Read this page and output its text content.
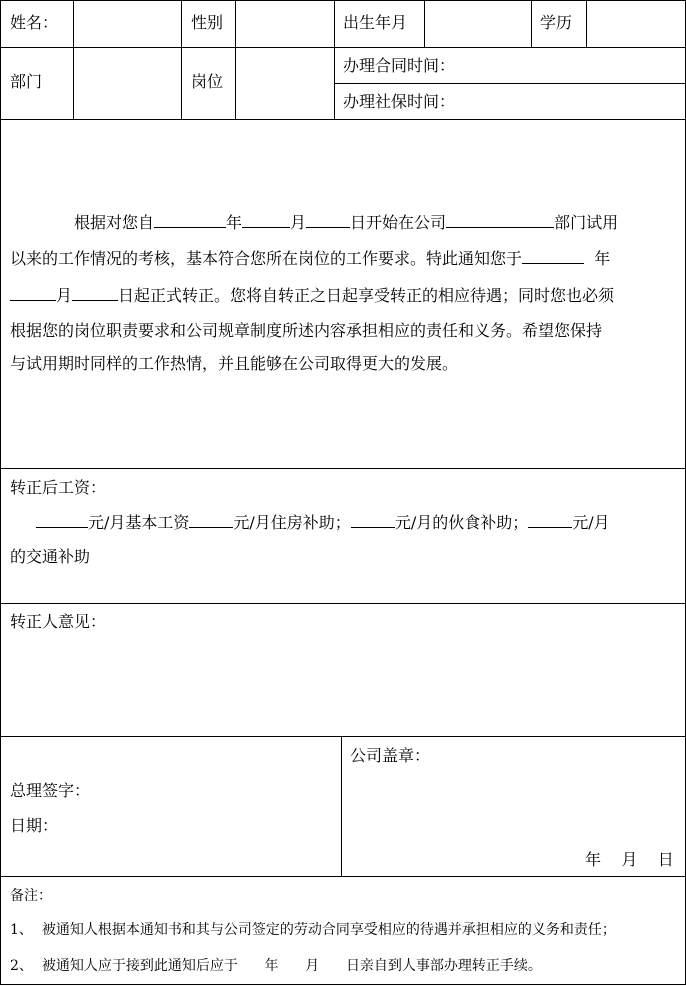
姓名：	性别	出生年月	学历
部门	岗位
办理合同时间：
办理社保时间：
根据对您自	年	月	日开始在公司	部门试用
以来的工作情况的考核，基本符合您所在岗位的工作要求。特此通知您于	年
月	日起正式转正。您将自转正之日起享受转正的相应待遇；同时您也必须
根据您的岗位职责要求和公司规章制度所述内容承担相应的责任和义务。希望您保持
与试用期时同样的工作热情，并且能够在公司取得更大的发展。
转正后工资：
元/月基本工资	元/月住房补助；	元/月的伙食补助；	元/月
的交通补助
转正人意见：
总理签字：
日期：
公司盖章：
年 月 日
备注：
1、 被通知人根据本通知书和其与公司签定的劳动合同享受相应的待遇并承担相应的义务和责任；
2、 被通知人应于接到此通知后应于 年 月 日亲自到人事部办理转正手续。
